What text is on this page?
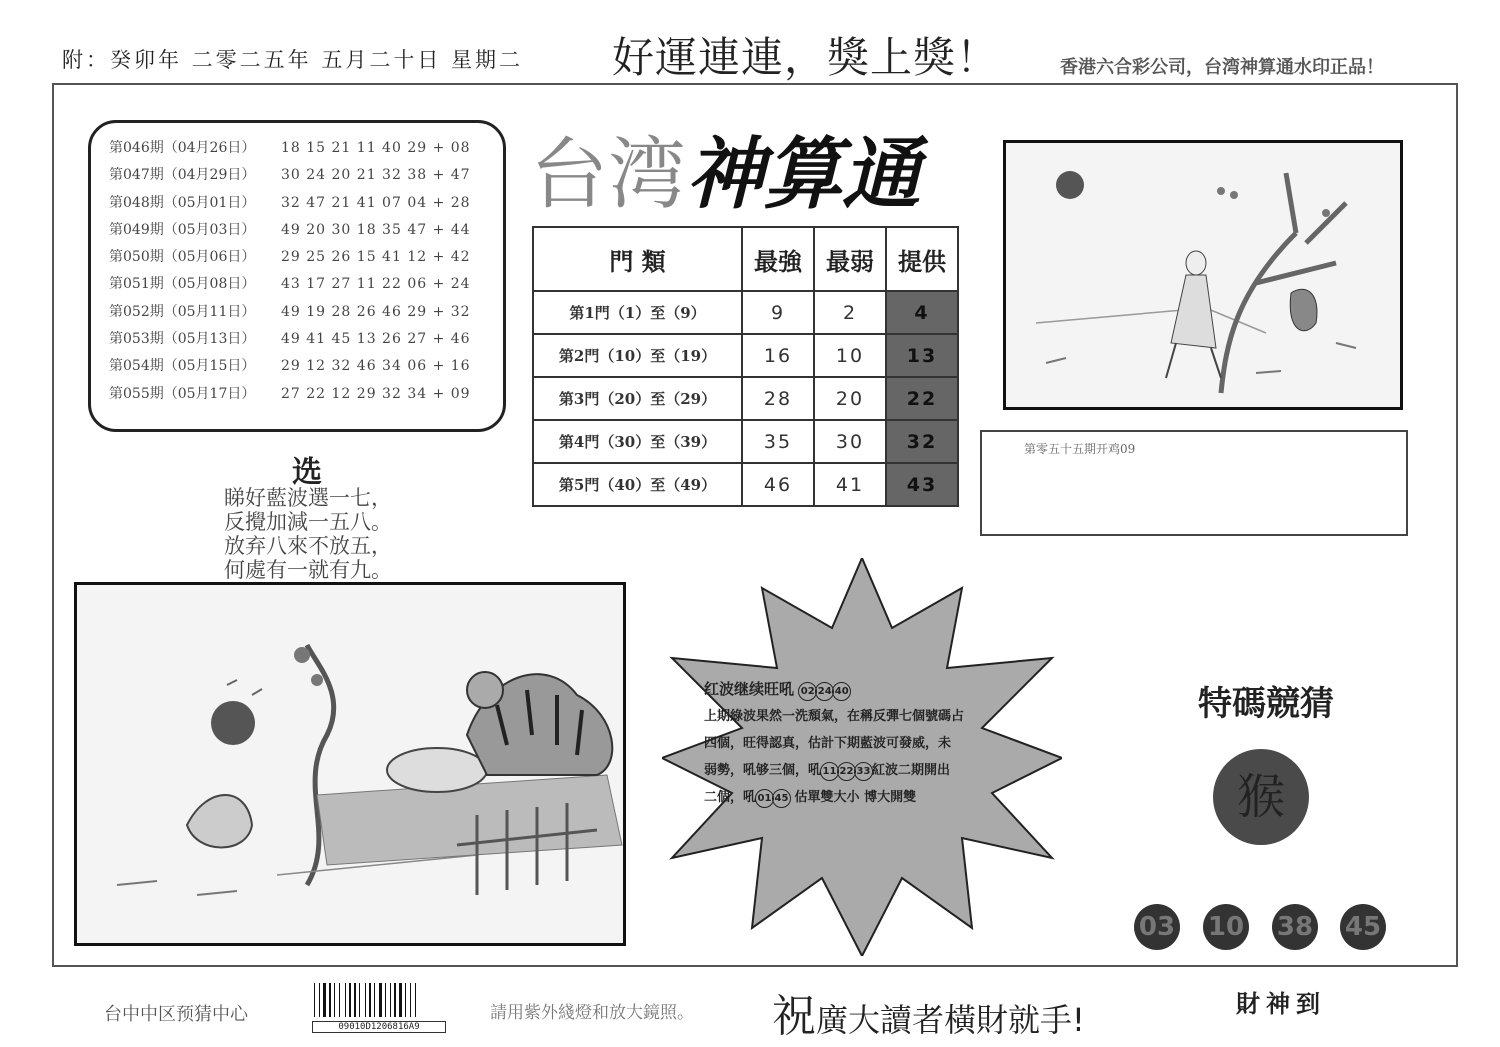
附：癸卯年 二零二五年 五月二十日 星期二 好運連連，獎上獎！	香港六合彩公司，台湾神算通水印正品！
第046期（04月26日） 18 15 21 11 40 29 + 08
第047期（04月29日） 30 24 20 21 32 38 + 47
第048期（05月01日） 32 47 21 41 07 04 + 28
第049期（05月03日） 49 20 30 18 35 47 + 44
第050期（05月06日） 29 25 26 15 41 12 + 42
第051期（05月08日） 43 17 27 11 22 06 + 24
第052期（05月11日） 49 19 28 26 46 29 + 32
第053期（05月13日） 49 41 45 13 26 27 + 46
第054期（05月15日） 29 12 32 46 34 06 + 16
第055期（05月17日） 27 22 12 29 32 34 + 09
台湾神算通
門 類	最強	最弱	提供
第1門（1）至（9）	9	2	4
第2門（10）至（19）	16	10	13
第3門（20）至（29）	28	20	22
第4門（30）至（39）	35	30	32
第5門（40）至（49）	46	41	43
第零五十五期开鸡09
选
睇好藍波選一七，
反攪加減一五八。
放弃八來不放五，
何處有一就有九。
红波继续旺吼 02 24 40
上期綠波果然一洗頹氣，在稱反彈七個號碼占
四個，旺得認真，估計下期藍波可發威，未
弱勢，吼够三個，吼 11 22 33 紅波二期開出
二個，吼 01 45 估單雙大小 博大開雙
特碼競猜
猴
03 10 38 45
台中中区预猜中心
09010D1206816A9
請用紫外綫燈和放大鏡照。 祝廣大讀者橫財就手!	財神到
